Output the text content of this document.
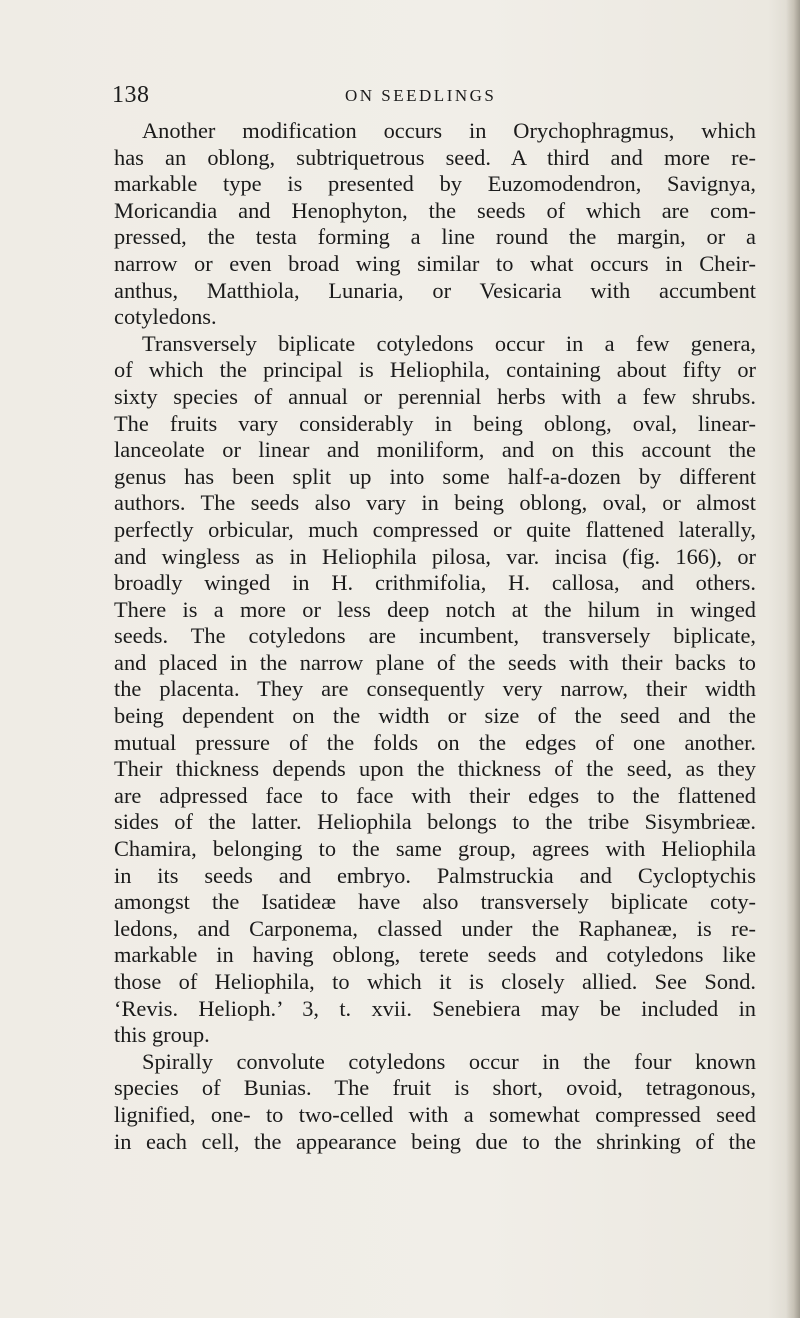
138	ON SEEDLINGS
Another modification occurs in Orychophragmus, which
has an oblong, subtriquetrous seed. A third and more re-
markable type is presented by Euzomodendron, Savignya,
Moricandia and Henophyton, the seeds of which are com-
pressed, the testa forming a line round the margin, or a
narrow or even broad wing similar to what occurs in Cheir-
anthus, Matthiola, Lunaria, or Vesicaria with accumbent
cotyledons.
Transversely biplicate cotyledons occur in a few genera,
of which the principal is Heliophila, containing about fifty or
sixty species of annual or perennial herbs with a few shrubs.
The fruits vary considerably in being oblong, oval, linear-
lanceolate or linear and moniliform, and on this account the
genus has been split up into some half-a-dozen by different
authors. The seeds also vary in being oblong, oval, or almost
perfectly orbicular, much compressed or quite flattened laterally,
and wingless as in Heliophila pilosa, var. incisa (fig. 166), or
broadly winged in H. crithmifolia, H. callosa, and others.
There is a more or less deep notch at the hilum in winged
seeds. The cotyledons are incumbent, transversely biplicate,
and placed in the narrow plane of the seeds with their backs to
the placenta. They are consequently very narrow, their width
being dependent on the width or size of the seed and the
mutual pressure of the folds on the edges of one another.
Their thickness depends upon the thickness of the seed, as they
are adpressed face to face with their edges to the flattened
sides of the latter. Heliophila belongs to the tribe Sisymbrieæ.
Chamira, belonging to the same group, agrees with Heliophila
in its seeds and embryo. Palmstruckia and Cycloptychis
amongst the Isatideæ have also transversely biplicate coty-
ledons, and Carponema, classed under the Raphaneæ, is re-
markable in having oblong, terete seeds and cotyledons like
those of Heliophila, to which it is closely allied. See Sond.
‘Revis. Helioph.’ 3, t. xvii. Senebiera may be included in
this group.
Spirally convolute cotyledons occur in the four known
species of Bunias. The fruit is short, ovoid, tetragonous,
lignified, one- to two-celled with a somewhat compressed seed
in each cell, the appearance being due to the shrinking of the
